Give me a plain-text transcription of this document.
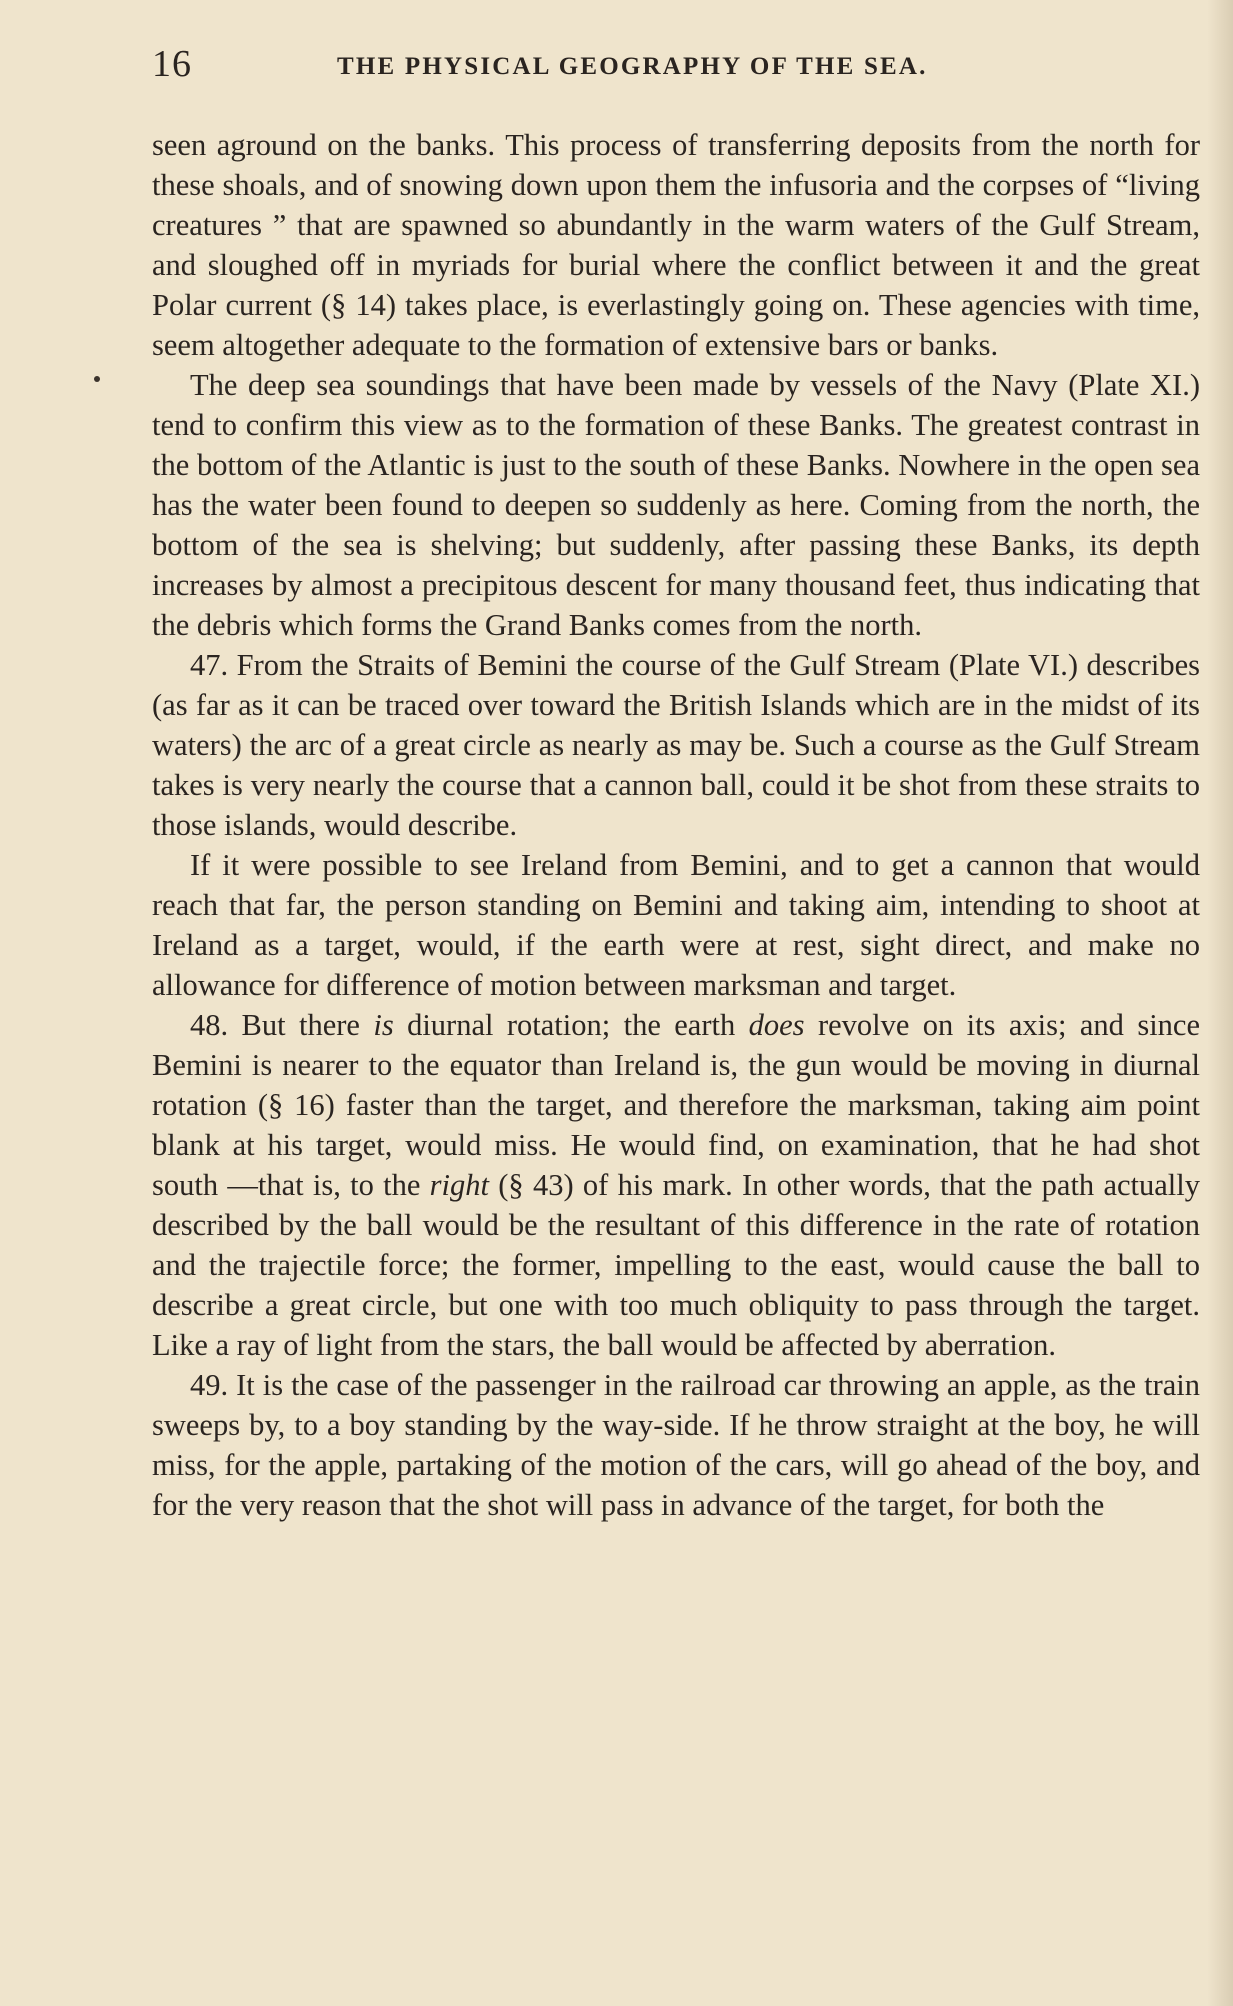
16	THE PHYSICAL GEOGRAPHY OF THE SEA.

seen aground on the banks. This process of transferring deposits from the north for these shoals, and of snowing down upon them the infusoria and the corpses of “living creatures ” that are spawned so abundantly in the warm waters of the Gulf Stream, and sloughed off in myriads for burial where the conflict between it and the great Polar current (§ 14) takes place, is everlastingly going on. These agencies with time, seem altogether adequate to the formation of extensive bars or banks.

The deep sea soundings that have been made by vessels of the Navy (Plate XI.) tend to confirm this view as to the formation of these Banks. The greatest contrast in the bottom of the Atlantic is just to the south of these Banks. Nowhere in the open sea has the water been found to deepen so suddenly as here. Coming from the north, the bottom of the sea is shelving; but suddenly, after passing these Banks, its depth increases by almost a precipitous descent for many thousand feet, thus indicating that the debris which forms the Grand Banks comes from the north.

47. From the Straits of Bemini the course of the Gulf Stream (Plate VI.) describes (as far as it can be traced over toward the British Islands which are in the midst of its waters) the arc of a great circle as nearly as may be. Such a course as the Gulf Stream takes is very nearly the course that a cannon ball, could it be shot from these straits to those islands, would describe.

If it were possible to see Ireland from Bemini, and to get a cannon that would reach that far, the person standing on Bemini and taking aim, intending to shoot at Ireland as a target, would, if the earth were at rest, sight direct, and make no allowance for difference of motion between marksman and target.

48. But there is diurnal rotation; the earth does revolve on its axis; and since Bemini is nearer to the equator than Ireland is, the gun would be moving in diurnal rotation (§ 16) faster than the target, and therefore the marksman, taking aim point blank at his target, would miss. He would find, on examination, that he had shot south —that is, to the right (§ 43) of his mark. In other words, that the path actually described by the ball would be the resultant of this difference in the rate of rotation and the trajectile force; the former, impelling to the east, would cause the ball to describe a great circle, but one with too much obliquity to pass through the target. Like a ray of light from the stars, the ball would be affected by aberration.

49. It is the case of the passenger in the railroad car throwing an apple, as the train sweeps by, to a boy standing by the way-side. If he throw straight at the boy, he will miss, for the apple, partaking of the motion of the cars, will go ahead of the boy, and for the very reason that the shot will pass in advance of the target, for both the
